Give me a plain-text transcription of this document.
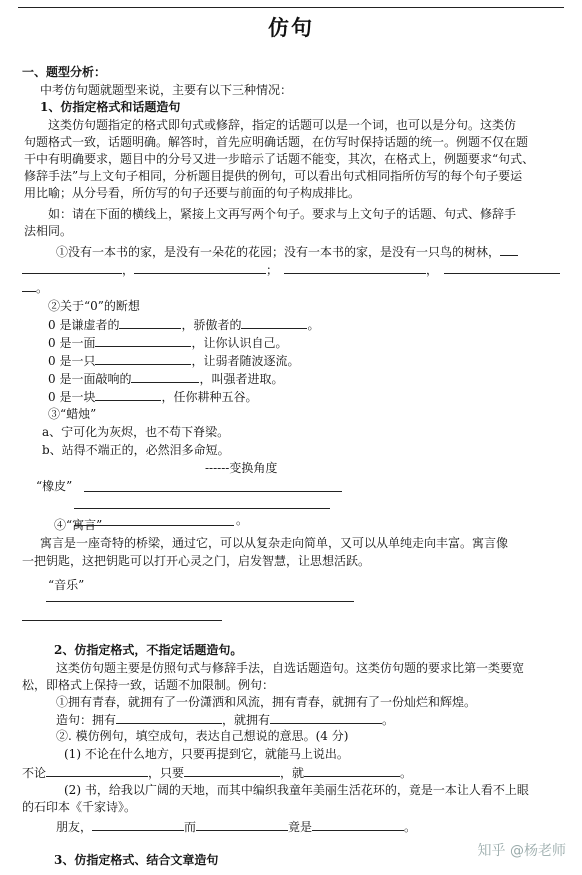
仿句
一、题型分析：
中考仿句题就题型来说，主要有以下三种情况：
1、仿指定格式和话题造句
这类仿句题指定的格式即句式或修辞，指定的话题可以是一个词，也可以是分句。这类仿
句题格式一致，话题明确。解答时，首先应明确话题，在仿写时保持话题的统一。例题不仅在题
干中有明确要求，题目中的分号又进一步暗示了话题不能变，其次，在格式上，例题要求“句式、
修辞手法”与上文句子相同，分析题目提供的例句，可以看出句式相同指所仿写的每个句子要运
用比喻；从分号看，所仿写的句子还要与前面的句子构成排比。
如：请在下面的横线上，紧接上文再写两个句子。要求与上文句子的话题、句式、修辞手
法相同。
①没有一本书的家，是没有一朵花的花园；没有一本书的家，是没有一只鸟的树林，
，	；	，
。
②关于“0”的断想
0 是谦虚者的	，骄傲者的	。
0 是一面	，让你认识自己。
0 是一只	，让弱者随波逐流。
0 是一面敲响的	，叫强者进取。
0 是一块	，任你耕种五谷。
③“蜡烛”
a、宁可化为灰烬，也不苟下脊梁。
b、站得不端正的，必然泪多命短。
------变换角度
“橡皮”
。
④“寓言”
寓言是一座奇特的桥梁，通过它，可以从复杂走向简单，又可以从单纯走向丰富。寓言像
一把钥匙，这把钥匙可以打开心灵之门，启发智慧，让思想活跃。
“音乐”
2、仿指定格式，不指定话题造句。
这类仿句题主要是仿照句式与修辞手法，自选话题造句。这类仿句题的要求比第一类要宽
松，即格式上保持一致，话题不加限制。例句：
①拥有青春，就拥有了一份潇洒和风流，拥有青春，就拥有了一份灿烂和辉煌。
造句：拥有	，就拥有	。
②. 模仿例句，填空成句，表达自己想说的意思。(4 分)
(1) 不论在什么地方，只要再提到它，就能马上说出。
不论	，只要	，就	。
(2) 书，给我以广阔的天地，而其中编织我童年美丽生活花环的，竟是一本让人看不上眼
的石印本《千家诗》。
朋友，	而	竟是	。
3、仿指定格式、结合文章造句
知乎 @杨老师
